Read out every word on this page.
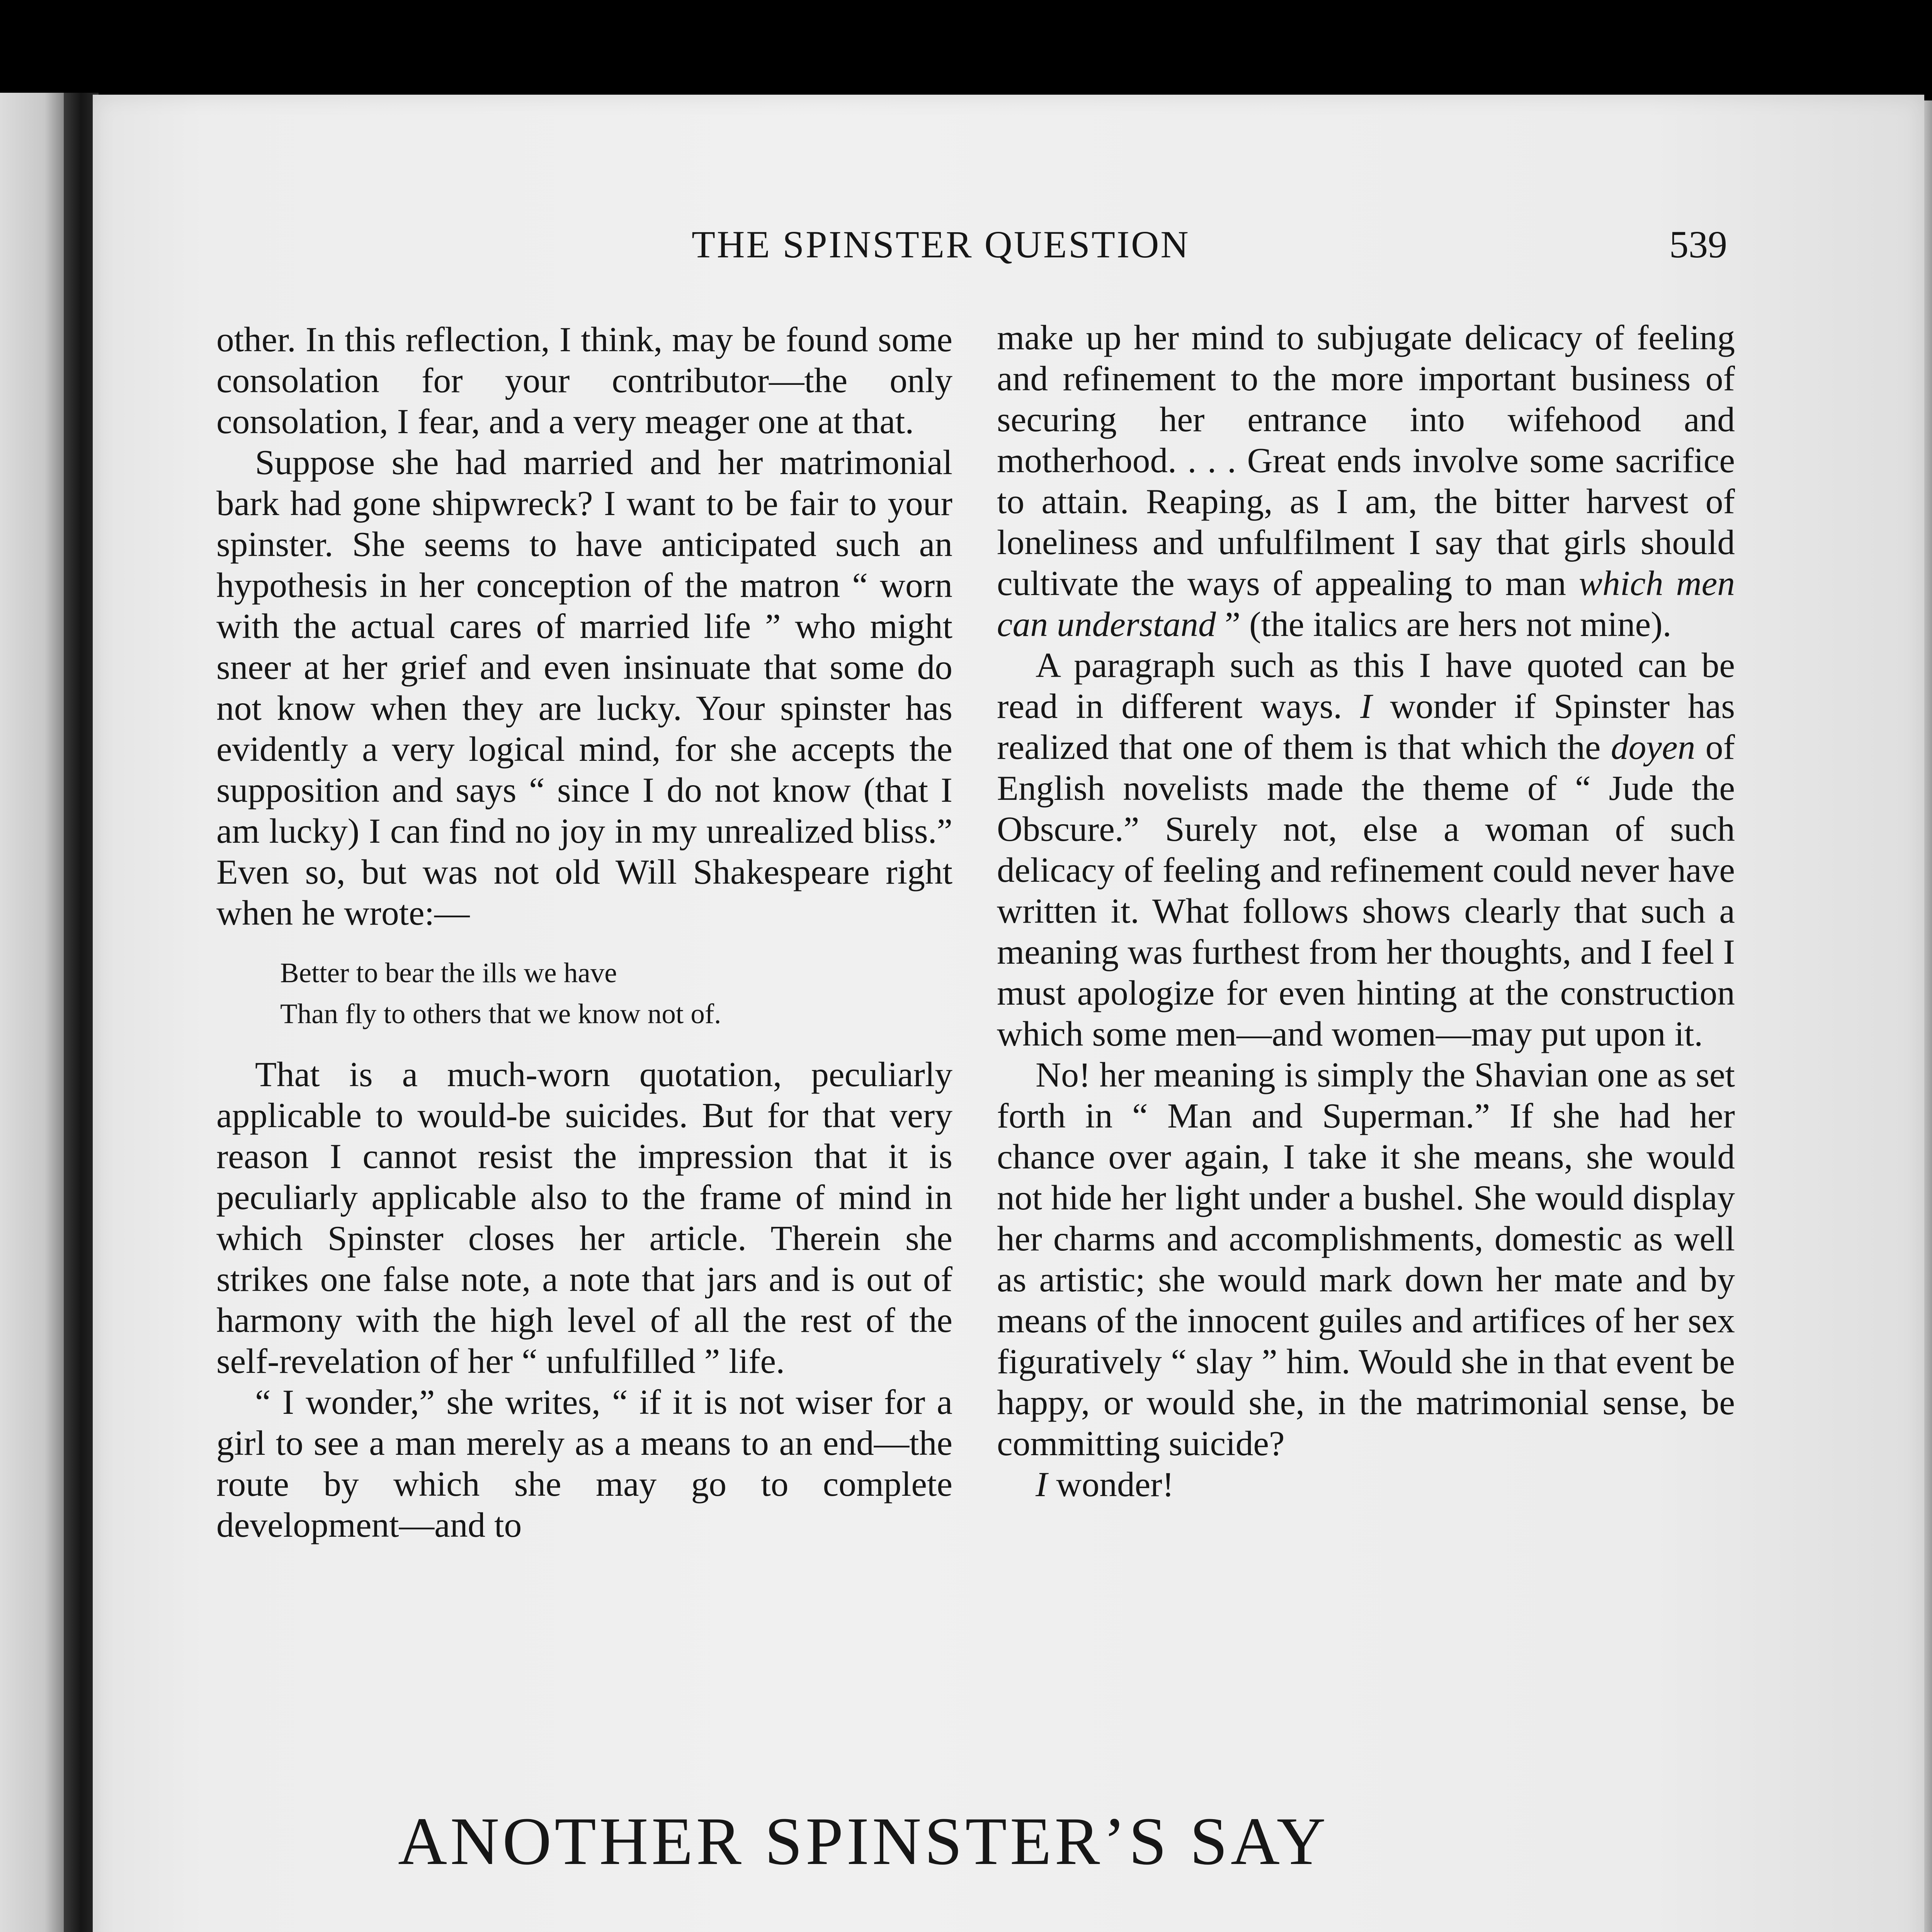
THE SPINSTER QUESTION	539

other. In this reflection, I think, may be found some consolation for your contributor—the only consolation, I fear, and a very meager one at that.

Suppose she had married and her matrimonial bark had gone shipwreck? I want to be fair to your spinster. She seems to have anticipated such an hypothesis in her conception of the matron “ worn with the actual cares of married life ” who might sneer at her grief and even insinuate that some do not know when they are lucky. Your spinster has evidently a very logical mind, for she accepts the supposition and says “ since I do not know (that I am lucky) I can find no joy in my unrealized bliss.” Even so, but was not old Will Shakespeare right when he wrote:—

Better to bear the ills we have
Than fly to others that we know not of.

That is a much-worn quotation, peculiarly applicable to would-be suicides. But for that very reason I cannot resist the impression that it is peculiarly applicable also to the frame of mind in which Spinster closes her article. Therein she strikes one false note, a note that jars and is out of harmony with the high level of all the rest of the self-revelation of her “ unfulfilled ” life.

“ I wonder,” she writes, “ if it is not wiser for a girl to see a man merely as a means to an end—the route by which she may go to complete development—and to

make up her mind to subjugate delicacy of feeling and refinement to the more important business of securing her entrance into wifehood and motherhood. . . . Great ends involve some sacrifice to attain. Reaping, as I am, the bitter harvest of loneliness and unfulfilment I say that girls should cultivate the ways of appealing to man which men can understand ” (the italics are hers not mine).

A paragraph such as this I have quoted can be read in different ways. I wonder if Spinster has realized that one of them is that which the doyen of English novelists made the theme of “ Jude the Obscure.” Surely not, else a woman of such delicacy of feeling and refinement could never have written it. What follows shows clearly that such a meaning was furthest from her thoughts, and I feel I must apologize for even hinting at the construction which some men—and women—may put upon it.

No! her meaning is simply the Shavian one as set forth in “ Man and Superman.” If she had her chance over again, I take it she means, she would not hide her light under a bushel. She would display her charms and accomplishments, domestic as well as artistic; she would mark down her mate and by means of the innocent guiles and artifices of her sex figuratively “ slay ” him. Would she in that event be happy, or would she, in the matrimonial sense, be committing suicide?

I wonder!

ANOTHER SPINSTER’S SAY
